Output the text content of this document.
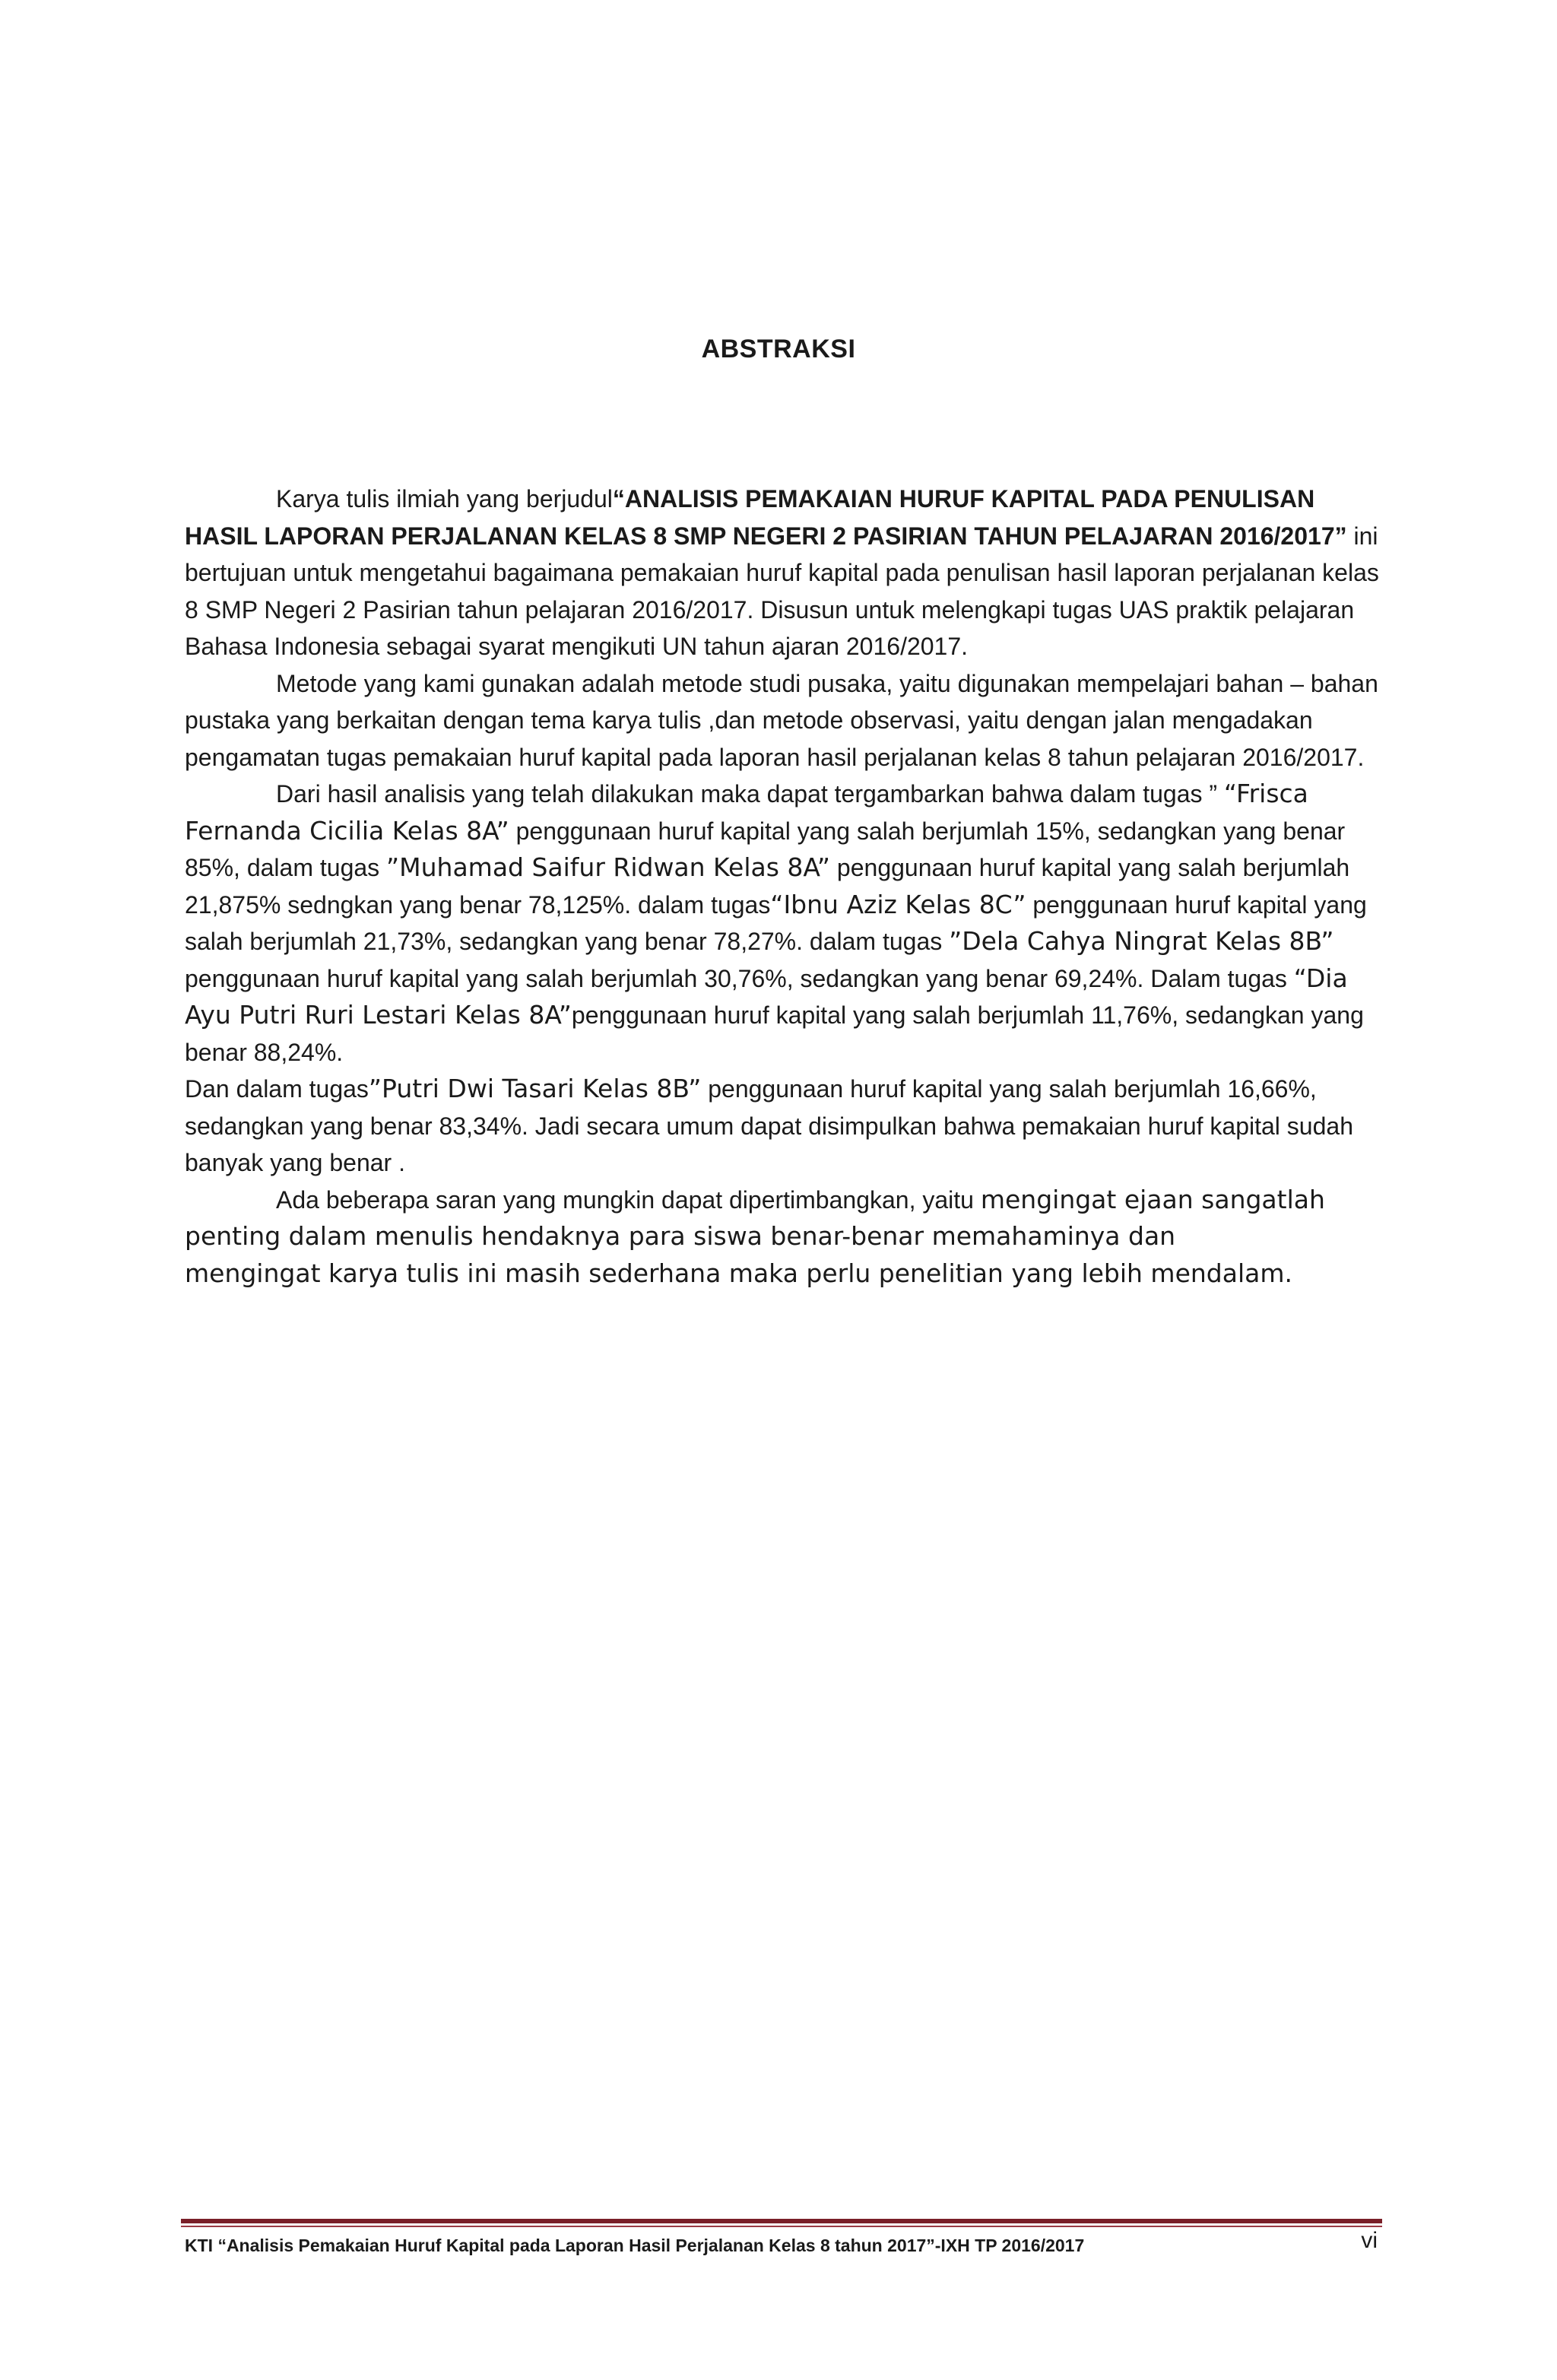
ABSTRAKSI

Karya tulis ilmiah yang berjudul“ANALISIS PEMAKAIAN HURUF KAPITAL PADA PENULISAN HASIL LAPORAN PERJALANAN KELAS 8 SMP NEGERI 2 PASIRIAN TAHUN PELAJARAN 2016/2017” ini bertujuan untuk mengetahui bagaimana pemakaian huruf kapital pada penulisan hasil laporan perjalanan kelas 8 SMP Negeri 2 Pasirian tahun pelajaran 2016/2017. Disusun untuk melengkapi tugas UAS praktik pelajaran Bahasa Indonesia sebagai syarat mengikuti UN tahun ajaran 2016/2017.

Metode yang kami gunakan adalah metode studi pusaka, yaitu digunakan mempelajari bahan – bahan pustaka yang berkaitan dengan tema karya tulis ,dan metode observasi, yaitu dengan jalan mengadakan pengamatan tugas pemakaian huruf kapital pada laporan hasil perjalanan kelas 8 tahun pelajaran 2016/2017.

Dari hasil analisis yang telah dilakukan maka dapat tergambarkan bahwa dalam tugas ” “Frisca Fernanda Cicilia Kelas 8A” penggunaan huruf kapital yang salah berjumlah 15%, sedangkan yang benar 85%, dalam tugas ”Muhamad Saifur Ridwan Kelas 8A” penggunaan huruf kapital yang salah berjumlah 21,875% sedngkan yang benar 78,125%. dalam tugas“Ibnu Aziz Kelas 8C” penggunaan huruf kapital yang salah berjumlah 21,73%, sedangkan yang benar 78,27%. dalam tugas ”Dela Cahya Ningrat Kelas 8B” penggunaan huruf kapital yang salah berjumlah 30,76%, sedangkan yang benar 69,24%. Dalam tugas “Dia Ayu Putri Ruri Lestari Kelas 8A”penggunaan huruf kapital yang salah berjumlah 11,76%, sedangkan yang benar 88,24%.

Dan dalam tugas”Putri Dwi Tasari Kelas 8B” penggunaan huruf kapital yang salah berjumlah 16,66%, sedangkan yang benar 83,34%. Jadi secara umum dapat disimpulkan bahwa pemakaian huruf kapital sudah banyak yang benar .

Ada beberapa saran yang mungkin dapat dipertimbangkan, yaitu mengingat ejaan sangatlah penting dalam menulis hendaknya para siswa benar-benar memahaminya dan

mengingat karya tulis ini masih sederhana maka perlu penelitian yang lebih mendalam.

KTI “Analisis Pemakaian Huruf Kapital pada Laporan Hasil Perjalanan Kelas 8 tahun 2017”-IXH TP 2016/2017	vi
